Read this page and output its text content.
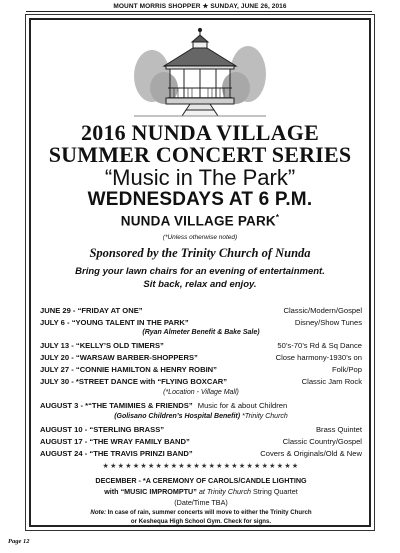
MOUNT MORRIS SHOPPER ★ SUNDAY, JUNE 26, 2016
2016 NUNDA VILLAGE
SUMMER CONCERT SERIES
“Music in The Park”
WEDNESDAYS AT 6 P.M.
NUNDA VILLAGE PARK*
(*Unless otherwise noted)
Sponsored by the Trinity Church of Nunda
Bring your lawn chairs for an evening of entertainment.
Sit back, relax and enjoy.
JUNE 29 - “FRIDAY AT ONE”	Classic/Modern/Gospel
JULY 6 - “YOUNG TALENT IN THE PARK”	Disney/Show Tunes
(Ryan Almeter Benefit & Bake Sale)
JULY 13 - “KELLY’S OLD TIMERS”	50’s-70’s Rd & Sq Dance
JULY 20 - “WARSAW BARBER-SHOPPERS”	Close harmony-1930’s on
JULY 27 - “CONNIE HAMILTON & HENRY ROBIN”	Folk/Pop
JULY 30 - *STREET DANCE with “FLYING BOXCAR”	Classic Jam Rock
(*Location - Village Mall)
AUGUST 3 - *“THE TAMIMIES & FRIENDS” Music for & about Children
(Golisano Children’s Hospital Benefit) *Trinity Church
AUGUST 10 - “STERLING BRASS”	Brass Quintet
AUGUST 17 - “THE WRAY FAMILY BAND”	Classic Country/Gospel
AUGUST 24 - “THE TRAVIS PRINZI BAND”	Covers & Originals/Old & New
★★★★★★★★★★★★★★★★★★★★★★★★★★
DECEMBER - *A CEREMONY OF CAROLS/CANDLE LIGHTING
with “MUSIC IMPROMPTU” at Trinity Church String Quartet
(Date/Time TBA)
Note: In case of rain, summer concerts will move to either the Trinity Church
or Keshequa High School Gym. Check for signs.
Page 12
